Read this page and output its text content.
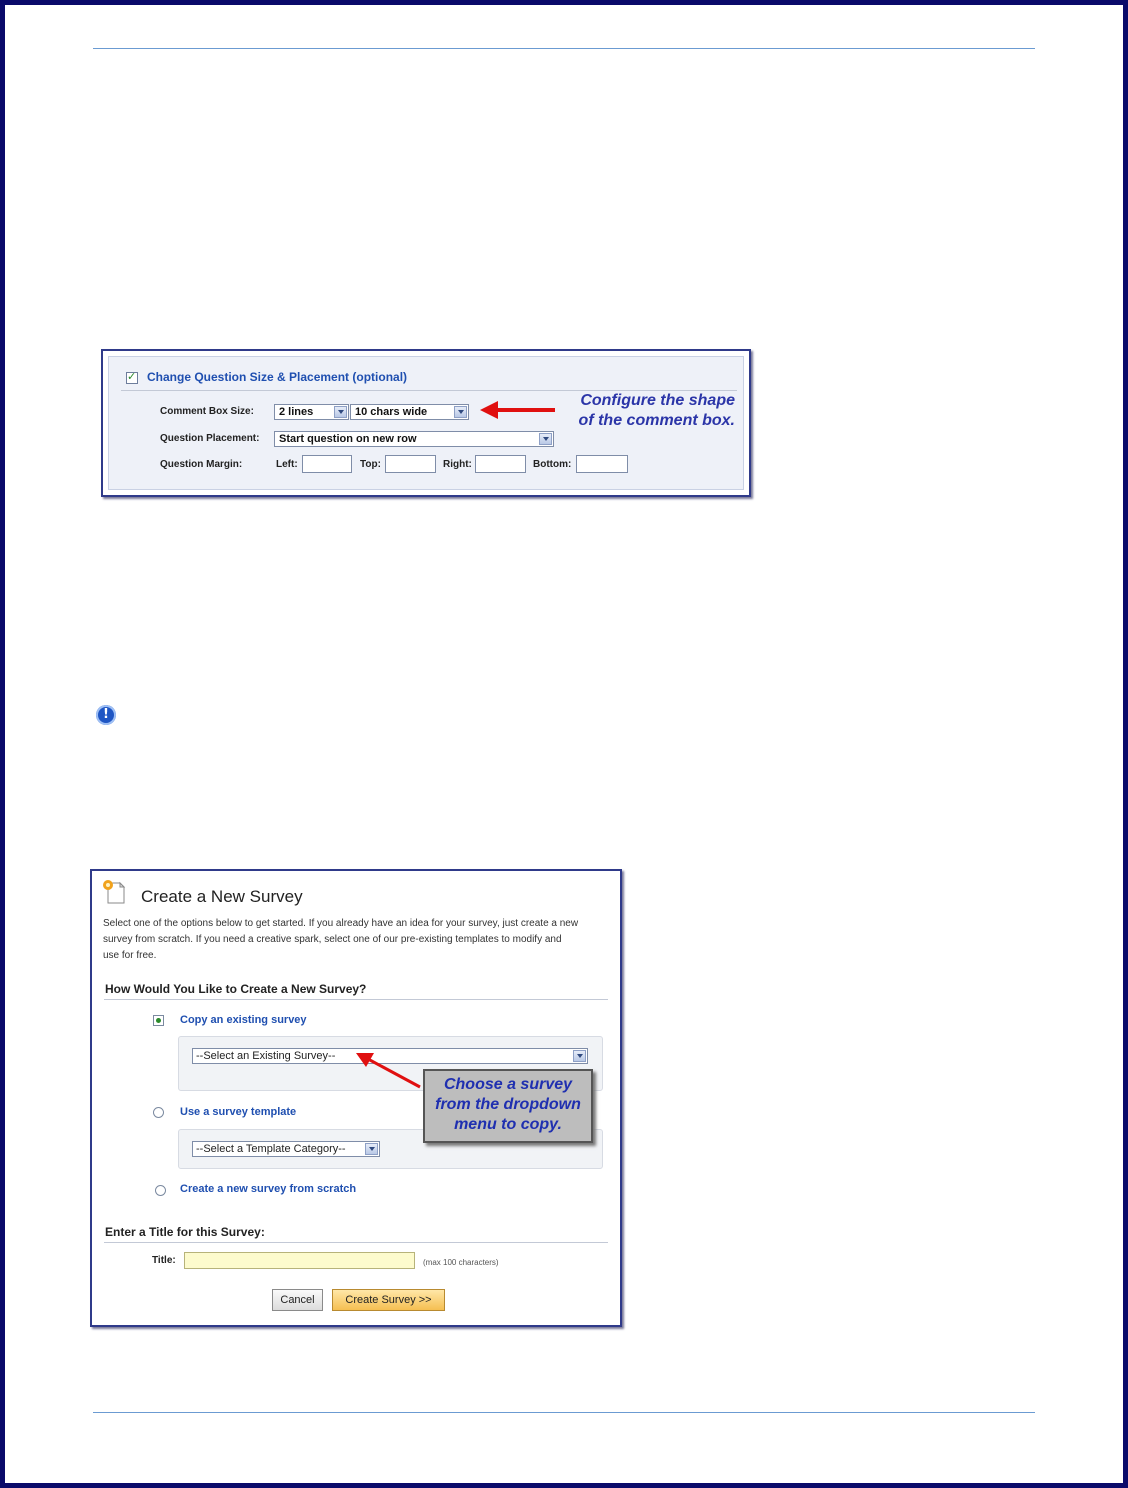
✓
Change Question Size & Placement (optional)
Comment Box Size:	2 lines	10 chars wide
Configure the shape
of the comment box.
Question Placement:	Start question on new row
Question Margin:	Left:	Top:	Right:	Bottom:
!
Create a New Survey
Select one of the options below to get started. If you already have an idea for your survey, just create a new
survey from scratch. If you need a creative spark, select one of our pre-existing templates to modify and
use for free.
How Would You Like to Create a New Survey?
Copy an existing survey
--Select an Existing Survey--
Use a survey template
--Select a Template Category--
Choose a survey
from the dropdown
menu to copy.
Create a new survey from scratch
Enter a Title for this Survey:
Title:	(max 100 characters)
Cancel	Create Survey >>
